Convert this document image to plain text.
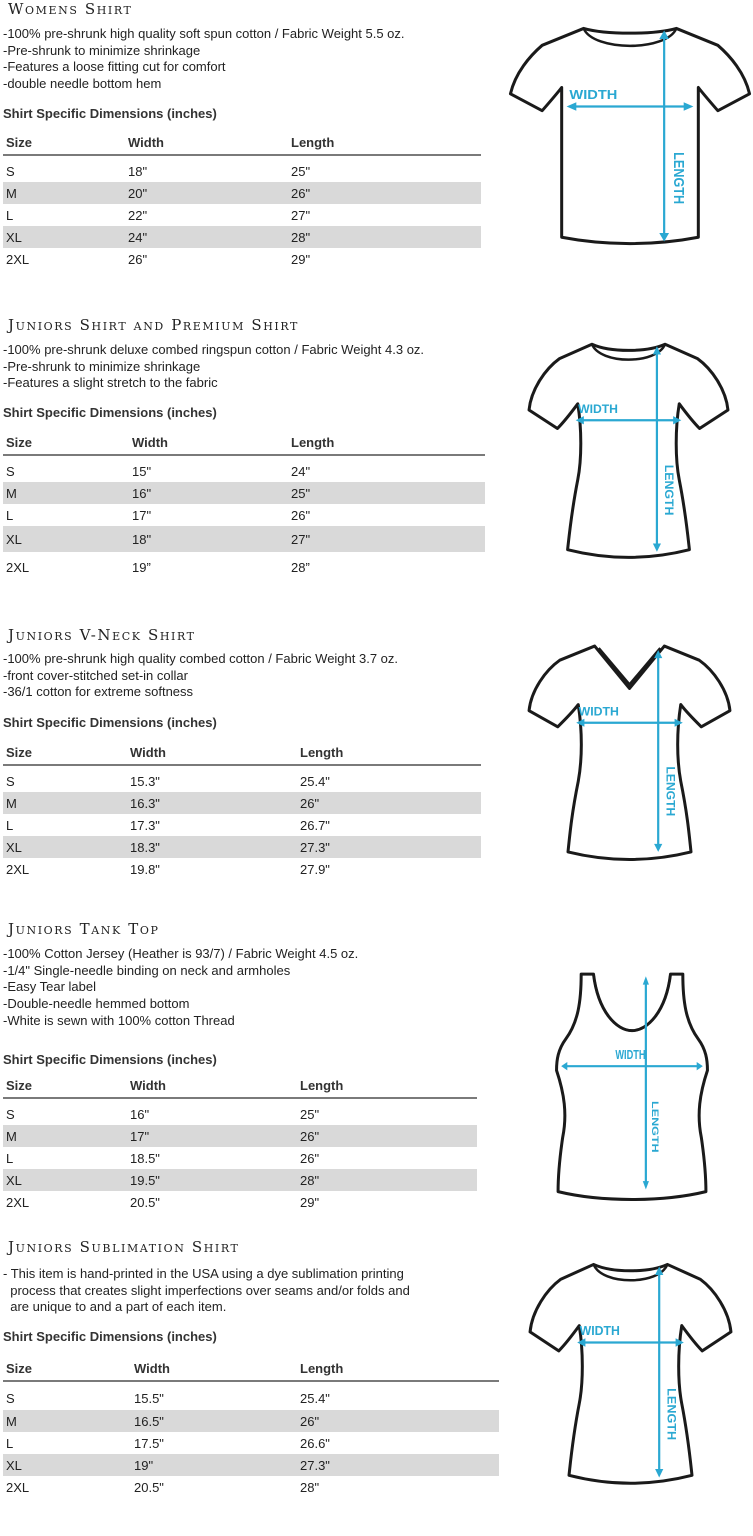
Womens Shirt
-100% pre-shrunk high quality soft spun cotton / Fabric Weight 5.5 oz.
-Pre-shrunk to minimize shrinkage
-Features a loose fitting cut for comfort
-double needle bottom hem
Shirt Specific Dimensions (inches)
Size	Width	Length
S	18"	25"
M	20"	26"
L	22"	27"
XL	24"	28"
2XL	26"	29"
WIDTH
LENGTH
Juniors Shirt and Premium Shirt
-100% pre-shrunk deluxe combed ringspun cotton / Fabric Weight 4.3 oz.
-Pre-shrunk to minimize shrinkage
-Features a slight stretch to the fabric
Shirt Specific Dimensions (inches)
Size	Width	Length
S	15"	24"
M	16"	25"
L	17"	26"
XL	18"	27"
2XL	19”	28”
WIDTH
LENGTH
Juniors V-Neck Shirt
-100% pre-shrunk high quality combed cotton / Fabric Weight 3.7 oz.
-front cover-stitched set-in collar
-36/1 cotton for extreme softness
Shirt Specific Dimensions (inches)
Size	Width	Length
S	15.3"	25.4"
M	16.3"	26"
L	17.3"	26.7"
XL	18.3"	27.3"
2XL	19.8"	27.9"
WIDTH
LENGTH
Juniors Tank Top
-100% Cotton Jersey (Heather is 93/7) / Fabric Weight 4.5 oz.
-1/4" Single-needle binding on neck and armholes
-Easy Tear label
-Double-needle hemmed bottom
-White is sewn with 100% cotton Thread
Shirt Specific Dimensions (inches)
Size	Width	Length
S	16"	25"
M	17"	26"
L	18.5"	26"
XL	19.5"	28"
2XL	20.5"	29"
WIDTH
LENGTH
Juniors Sublimation Shirt
- This item is hand-printed in the USA using a dye sublimation printing
process that creates slight imperfections over seams and/or folds and
are unique to and a part of each item.
Shirt Specific Dimensions (inches)
Size	Width	Length
S	15.5"	25.4"
M	16.5"	26"
L	17.5"	26.6"
XL	19"	27.3"
2XL	20.5"	28"
WIDTH
LENGTH
